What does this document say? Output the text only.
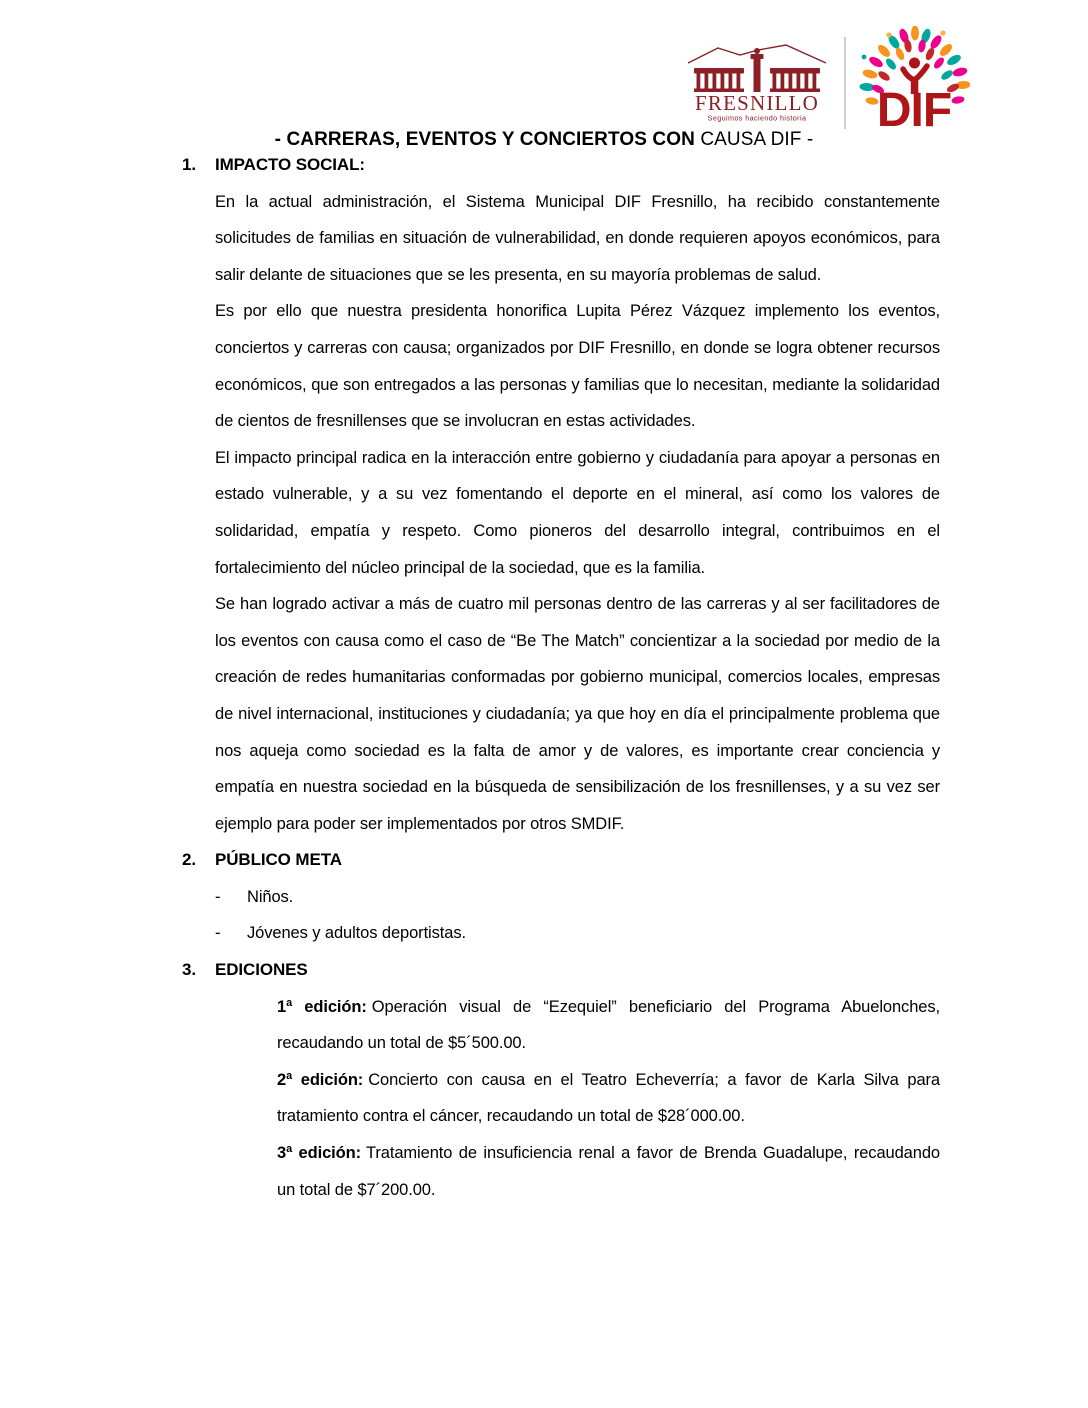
FRESNILLO
Seguimos haciendo historia DIF
- CARRERAS, EVENTOS Y CONCIERTOS CON CAUSA DIF -
1.	IMPACTO SOCIAL:

En la actual administración, el Sistema Municipal DIF Fresnillo, ha recibido constantemente solicitudes de familias en situación de vulnerabilidad, en donde requieren apoyos económicos, para salir delante de situaciones que se les presenta, en su mayoría problemas de salud.

Es por ello que nuestra presidenta honorifica Lupita Pérez Vázquez implemento los eventos, conciertos y carreras con causa; organizados por DIF Fresnillo, en donde se logra obtener recursos económicos, que son entregados a las personas y familias que lo necesitan, mediante la solidaridad de cientos de fresnillenses que se involucran en estas actividades.

El impacto principal radica en la interacción entre gobierno y ciudadanía para apoyar a personas en estado vulnerable, y a su vez fomentando el deporte en el mineral, así como los valores de solidaridad, empatía y respeto. Como pioneros del desarrollo integral, contribuimos en el fortalecimiento del núcleo principal de la sociedad, que es la familia.

Se han logrado activar a más de cuatro mil personas dentro de las carreras y al ser facilitadores de los eventos con causa como el caso de “Be The Match” concientizar a la sociedad por medio de la creación de redes humanitarias conformadas por gobierno municipal, comercios locales, empresas de nivel internacional, instituciones y ciudadanía; ya que hoy en día el principalmente problema que nos aqueja como sociedad es la falta de amor y de valores, es importante crear conciencia y empatía en nuestra sociedad en la búsqueda de sensibilización de los fresnillenses, y a su vez ser ejemplo para poder ser implementados por otros SMDIF.

2.	PÚBLICO META
-	Niños.
-	Jóvenes y adultos deportistas.
3.	EDICIONES

1ª edición: Operación visual de “Ezequiel” beneficiario del Programa Abuelonches, recaudando un total de $5´500.00.

2ª edición: Concierto con causa en el Teatro Echeverría; a favor de Karla Silva para tratamiento contra el cáncer, recaudando un total de $28´000.00.

3ª edición: Tratamiento de insuficiencia renal a favor de Brenda Guadalupe, recaudando un total de $7´200.00.
